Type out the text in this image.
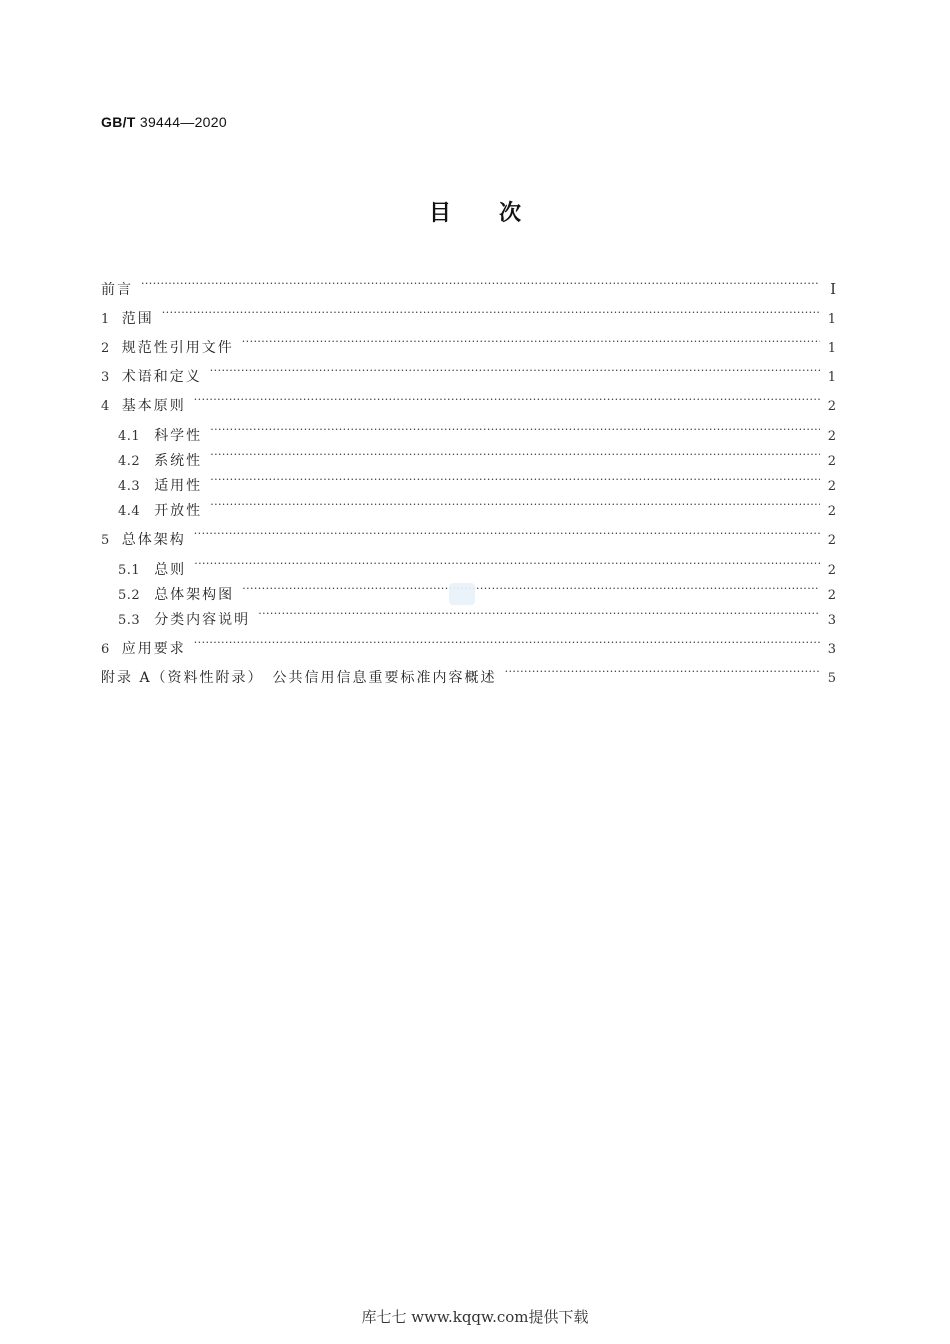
GB/T 39444—2020
目次
前言 ·····	Ⅰ
1 范围 ·····	1
2 规范性引用文件 ·····	1
3 术语和定义 ·····	1
4 基本原则 ·····	2
4.1 科学性 ·····	2
4.2 系统性 ·····	2
4.3 适用性 ·····	2
4.4 开放性 ·····	2
5 总体架构 ·····	2
5.1 总则 ·····	2
5.2 总体架构图 ·····	2
5.3 分类内容说明 ·····	3
6 应用要求 ·····	3
附录 A（资料性附录）　公共信用信息重要标准内容概述 ·····	5
库七七 www.kqqw.com提供下载
